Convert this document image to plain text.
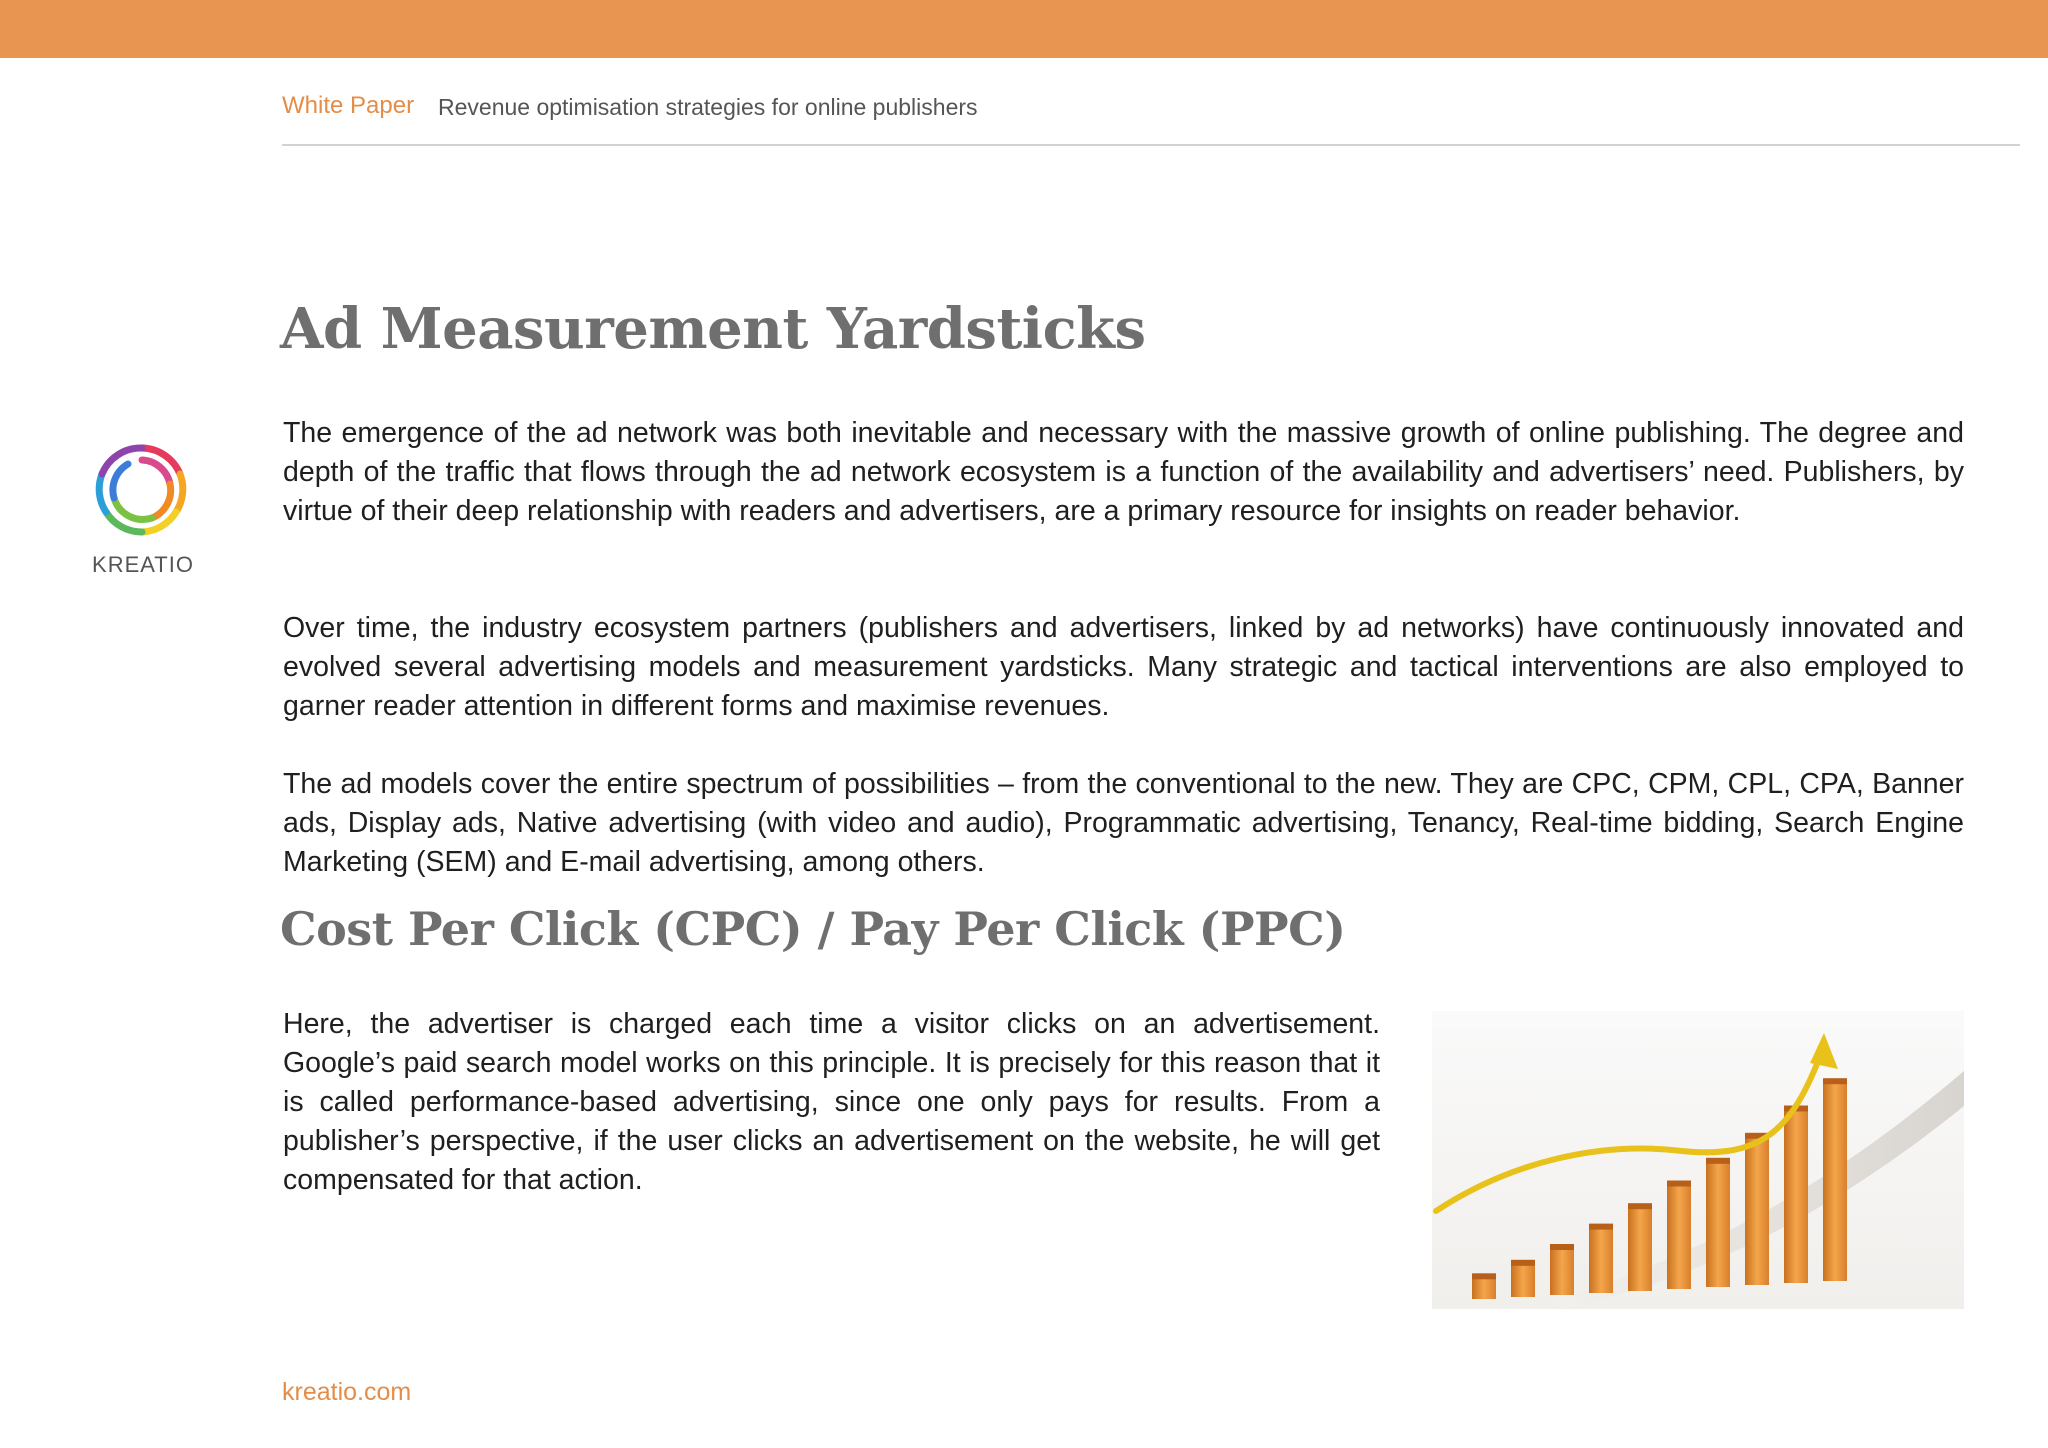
White Paper Revenue optimisation strategies for online publishers
KREATIO
Ad Measurement Yardsticks

The emergence of the ad network was both inevitable and necessary with the massive growth of online publishing. The degree and depth of the traffic that flows through the ad network ecosystem is a function of the availability and advertisers’ need. Publishers, by virtue of their deep relationship with readers and advertisers, are a primary resource for insights on reader behavior.

Over time, the industry ecosystem partners (publishers and advertisers, linked by ad networks) have continuously innovated and evolved several advertising models and measurement yardsticks. Many strategic and tactical interventions are also employed to garner reader attention in different forms and maximise revenues.

The ad models cover the entire spectrum of possibilities – from the conventional to the new. They are CPC, CPM, CPL, CPA, Banner ads, Display ads, Native advertising (with video and audio), Programmatic advertising, Tenancy, Real-time bidding, Search Engine Marketing (SEM) and E-mail advertising, among others.

Cost Per Click (CPC) / Pay Per Click (PPC)

Here, the advertiser is charged each time a visitor clicks on an advertisement. Google’s paid search model works on this principle. It is precisely for this reason that it is called performance-based advertising, since one only pays for results. From a publisher’s perspective, if the user clicks an advertisement on the website, he will get compensated for that action.

kreatio.com
